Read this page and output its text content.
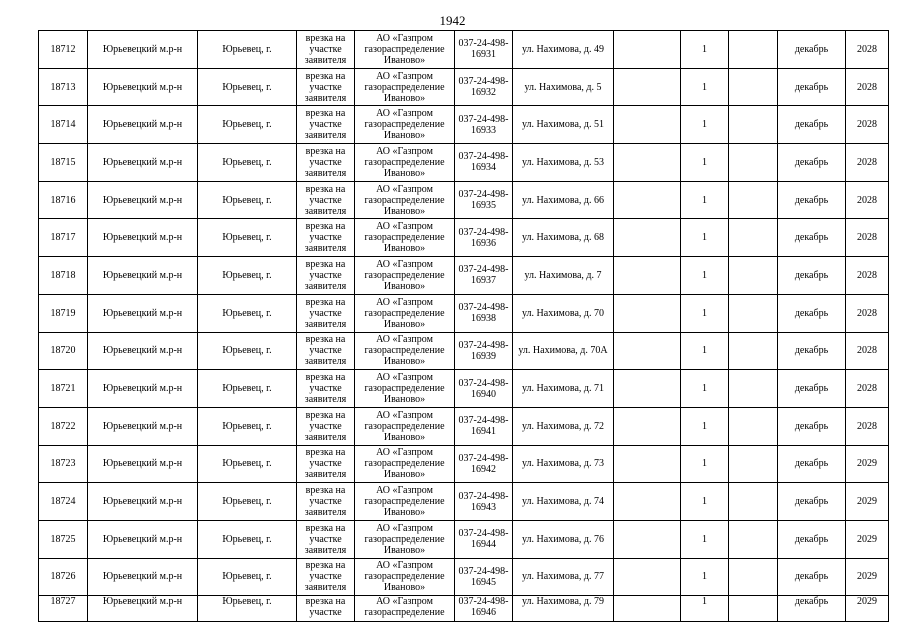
1942
18712	Юрьевецкий м.р-н	Юрьевец, г.	врезка на участке заявителя	АО «Газпром газораспределение Иваново»	037-24-498-16931	ул. Нахимова, д. 49		1		декабрь	2028
18713	Юрьевецкий м.р-н	Юрьевец, г.	врезка на участке заявителя	АО «Газпром газораспределение Иваново»	037-24-498-16932	ул. Нахимова, д. 5		1		декабрь	2028
18714	Юрьевецкий м.р-н	Юрьевец, г.	врезка на участке заявителя	АО «Газпром газораспределение Иваново»	037-24-498-16933	ул. Нахимова, д. 51		1		декабрь	2028
18715	Юрьевецкий м.р-н	Юрьевец, г.	врезка на участке заявителя	АО «Газпром газораспределение Иваново»	037-24-498-16934	ул. Нахимова, д. 53		1		декабрь	2028
18716	Юрьевецкий м.р-н	Юрьевец, г.	врезка на участке заявителя	АО «Газпром газораспределение Иваново»	037-24-498-16935	ул. Нахимова, д. 66		1		декабрь	2028
18717	Юрьевецкий м.р-н	Юрьевец, г.	врезка на участке заявителя	АО «Газпром газораспределение Иваново»	037-24-498-16936	ул. Нахимова, д. 68		1		декабрь	2028
18718	Юрьевецкий м.р-н	Юрьевец, г.	врезка на участке заявителя	АО «Газпром газораспределение Иваново»	037-24-498-16937	ул. Нахимова, д. 7		1		декабрь	2028
18719	Юрьевецкий м.р-н	Юрьевец, г.	врезка на участке заявителя	АО «Газпром газораспределение Иваново»	037-24-498-16938	ул. Нахимова, д. 70		1		декабрь	2028
18720	Юрьевецкий м.р-н	Юрьевец, г.	врезка на участке заявителя	АО «Газпром газораспределение Иваново»	037-24-498-16939	ул. Нахимова, д. 70А		1		декабрь	2028
18721	Юрьевецкий м.р-н	Юрьевец, г.	врезка на участке заявителя	АО «Газпром газораспределение Иваново»	037-24-498-16940	ул. Нахимова, д. 71		1		декабрь	2028
18722	Юрьевецкий м.р-н	Юрьевец, г.	врезка на участке заявителя	АО «Газпром газораспределение Иваново»	037-24-498-16941	ул. Нахимова, д. 72		1		декабрь	2028
18723	Юрьевецкий м.р-н	Юрьевец, г.	врезка на участке заявителя	АО «Газпром газораспределение Иваново»	037-24-498-16942	ул. Нахимова, д. 73		1		декабрь	2029
18724	Юрьевецкий м.р-н	Юрьевец, г.	врезка на участке заявителя	АО «Газпром газораспределение Иваново»	037-24-498-16943	ул. Нахимова, д. 74		1		декабрь	2029
18725	Юрьевецкий м.р-н	Юрьевец, г.	врезка на участке заявителя	АО «Газпром газораспределение Иваново»	037-24-498-16944	ул. Нахимова, д. 76		1		декабрь	2029
18726	Юрьевецкий м.р-н	Юрьевец, г.	врезка на участке заявителя	АО «Газпром газораспределение Иваново»	037-24-498-16945	ул. Нахимова, д. 77		1		декабрь	2029
18727	Юрьевецкий м.р-н	Юрьевец, г.	врезка на участке	АО «Газпром газораспределение	037-24-498-16946	ул. Нахимова, д. 79		1		декабрь	2029
